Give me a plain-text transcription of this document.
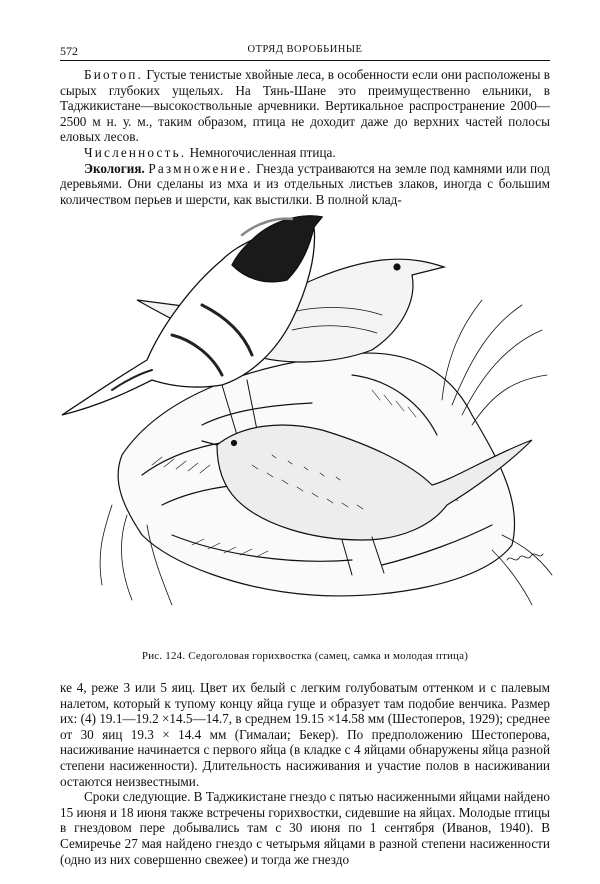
572	ОТРЯД ВОРОБЬИНЫЕ

Биотоп. Густые тенистые хвойные леса, в особенности если они расположены в сырых глубоких ущельях. На Тянь-Шане это преимущественно ельники, в Таджикистане—высокоствольные арчевники. Вертикальное распространение 2000—2500 м н. у. м., таким образом, птица не доходит даже до верхних частей полосы еловых лесов.

Численность. Немногочисленная птица.

Экология. Размножение. Гнезда устраиваются на земле под камнями или под деревьями. Они сделаны из мха и из отдельных листьев злаков, иногда с большим количеством перьев и шерсти, как выстилки. В полной клад-

Рис. 124. Седоголовая горихвостка (самец, самка и молодая птица)

ке 4, реже 3 или 5 яиц. Цвет их белый с легким голубоватым оттенком и с палевым налетом, который к тупому концу яйца гуще и образует там подобие венчика. Размер их: (4) 19.1—19.2 ×14.5—14.7, в среднем 19.15 ×14.58 мм (Шестоперов, 1929); среднее от 30 яиц 19.3 × 14.4 мм (Гималаи; Бекер). По предположению Шестоперова, насиживание начинается с первого яйца (в кладке с 4 яйцами обнаружены яйца разной степени насиженности). Длительность насиживания и участие полов в насиживании остаются неизвестными.

Сроки следующие. В Таджикистане гнездо с пятью насиженными яйцами найдено 15 июня и 18 июня также встречены горихвостки, сидевшие на яйцах. Молодые птицы в гнездовом пере добывались там с 30 июня по 1 сентября (Иванов, 1940). В Семиречье 27 мая найдено гнездо с четырьмя яйцами в разной степени насиженности (одно из них совершенно свежее) и тогда же гнездо
